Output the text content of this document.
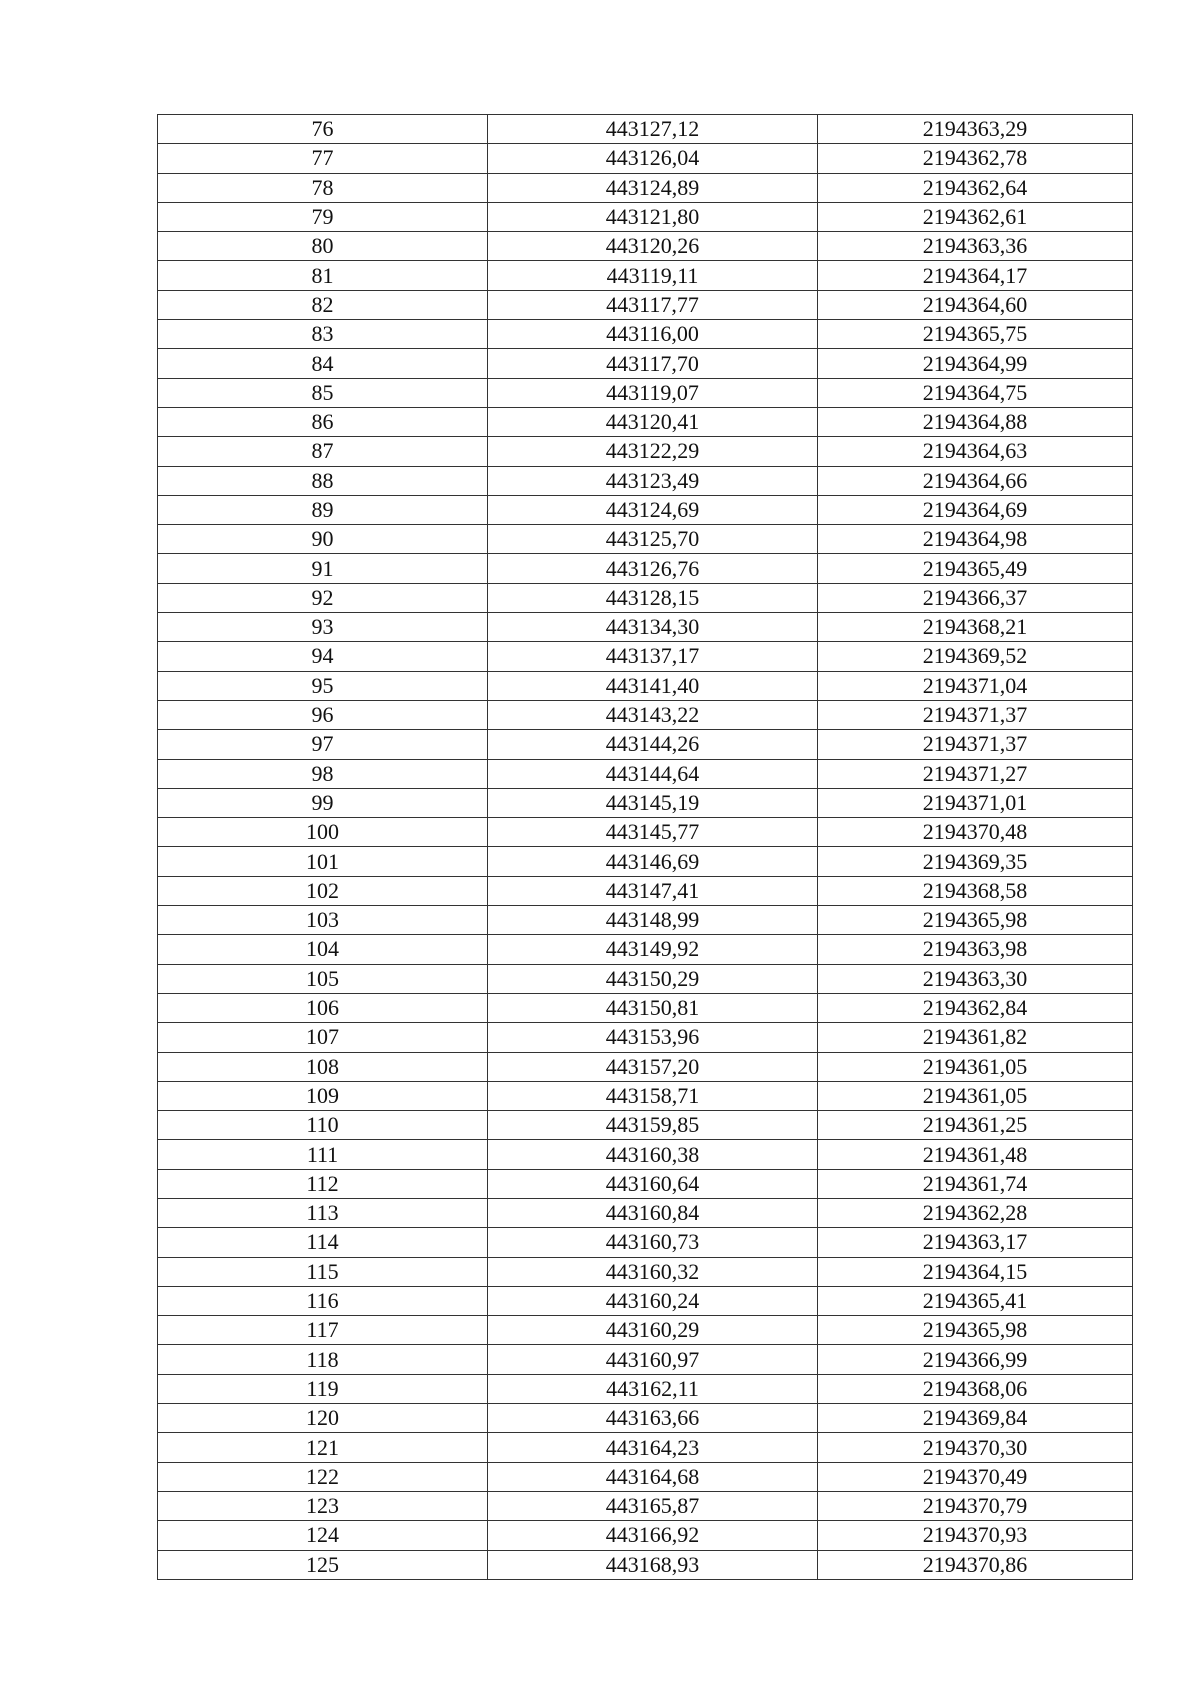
76	443127,12	2194363,29
77	443126,04	2194362,78
78	443124,89	2194362,64
79	443121,80	2194362,61
80	443120,26	2194363,36
81	443119,11	2194364,17
82	443117,77	2194364,60
83	443116,00	2194365,75
84	443117,70	2194364,99
85	443119,07	2194364,75
86	443120,41	2194364,88
87	443122,29	2194364,63
88	443123,49	2194364,66
89	443124,69	2194364,69
90	443125,70	2194364,98
91	443126,76	2194365,49
92	443128,15	2194366,37
93	443134,30	2194368,21
94	443137,17	2194369,52
95	443141,40	2194371,04
96	443143,22	2194371,37
97	443144,26	2194371,37
98	443144,64	2194371,27
99	443145,19	2194371,01
100	443145,77	2194370,48
101	443146,69	2194369,35
102	443147,41	2194368,58
103	443148,99	2194365,98
104	443149,92	2194363,98
105	443150,29	2194363,30
106	443150,81	2194362,84
107	443153,96	2194361,82
108	443157,20	2194361,05
109	443158,71	2194361,05
110	443159,85	2194361,25
111	443160,38	2194361,48
112	443160,64	2194361,74
113	443160,84	2194362,28
114	443160,73	2194363,17
115	443160,32	2194364,15
116	443160,24	2194365,41
117	443160,29	2194365,98
118	443160,97	2194366,99
119	443162,11	2194368,06
120	443163,66	2194369,84
121	443164,23	2194370,30
122	443164,68	2194370,49
123	443165,87	2194370,79
124	443166,92	2194370,93
125	443168,93	2194370,86
